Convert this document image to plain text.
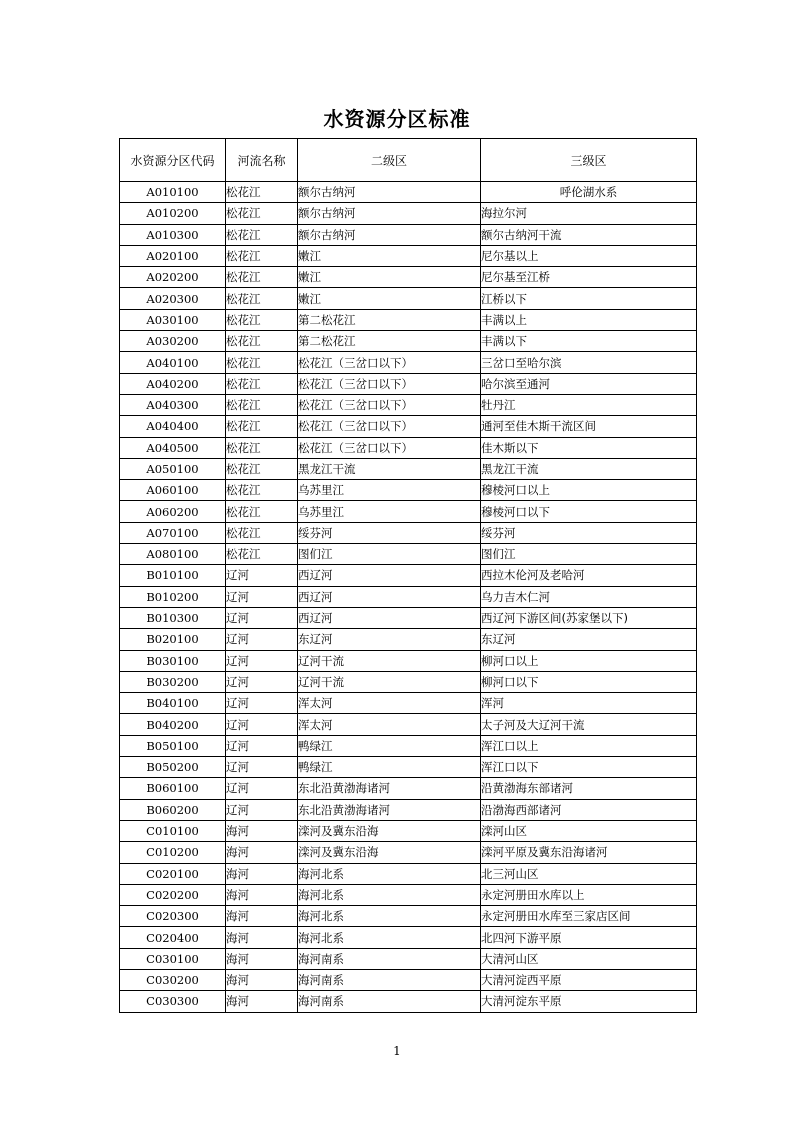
水资源分区标准
水资源分区代码	河流名称	二级区	三级区
A010100	松花江	额尔古纳河	呼伦湖水系
A010200	松花江	额尔古纳河	海拉尔河
A010300	松花江	额尔古纳河	额尔古纳河干流
A020100	松花江	嫩江	尼尔基以上
A020200	松花江	嫩江	尼尔基至江桥
A020300	松花江	嫩江	江桥以下
A030100	松花江	第二松花江	丰满以上
A030200	松花江	第二松花江	丰满以下
A040100	松花江	松花江（三岔口以下）	三岔口至哈尔滨
A040200	松花江	松花江（三岔口以下）	哈尔滨至通河
A040300	松花江	松花江（三岔口以下）	牡丹江
A040400	松花江	松花江（三岔口以下）	通河至佳木斯干流区间
A040500	松花江	松花江（三岔口以下）	佳木斯以下
A050100	松花江	黑龙江干流	黑龙江干流
A060100	松花江	乌苏里江	穆棱河口以上
A060200	松花江	乌苏里江	穆棱河口以下
A070100	松花江	绥芬河	绥芬河
A080100	松花江	图们江	图们江
B010100	辽河	西辽河	西拉木伦河及老哈河
B010200	辽河	西辽河	乌力吉木仁河
B010300	辽河	西辽河	西辽河下游区间(苏家堡以下)
B020100	辽河	东辽河	东辽河
B030100	辽河	辽河干流	柳河口以上
B030200	辽河	辽河干流	柳河口以下
B040100	辽河	浑太河	浑河
B040200	辽河	浑太河	太子河及大辽河干流
B050100	辽河	鸭绿江	浑江口以上
B050200	辽河	鸭绿江	浑江口以下
B060100	辽河	东北沿黄渤海诸河	沿黄渤海东部诸河
B060200	辽河	东北沿黄渤海诸河	沿渤海西部诸河
C010100	海河	滦河及冀东沿海	滦河山区
C010200	海河	滦河及冀东沿海	滦河平原及冀东沿海诸河
C020100	海河	海河北系	北三河山区
C020200	海河	海河北系	永定河册田水库以上
C020300	海河	海河北系	永定河册田水库至三家店区间
C020400	海河	海河北系	北四河下游平原
C030100	海河	海河南系	大清河山区
C030200	海河	海河南系	大清河淀西平原
C030300	海河	海河南系	大清河淀东平原
1
